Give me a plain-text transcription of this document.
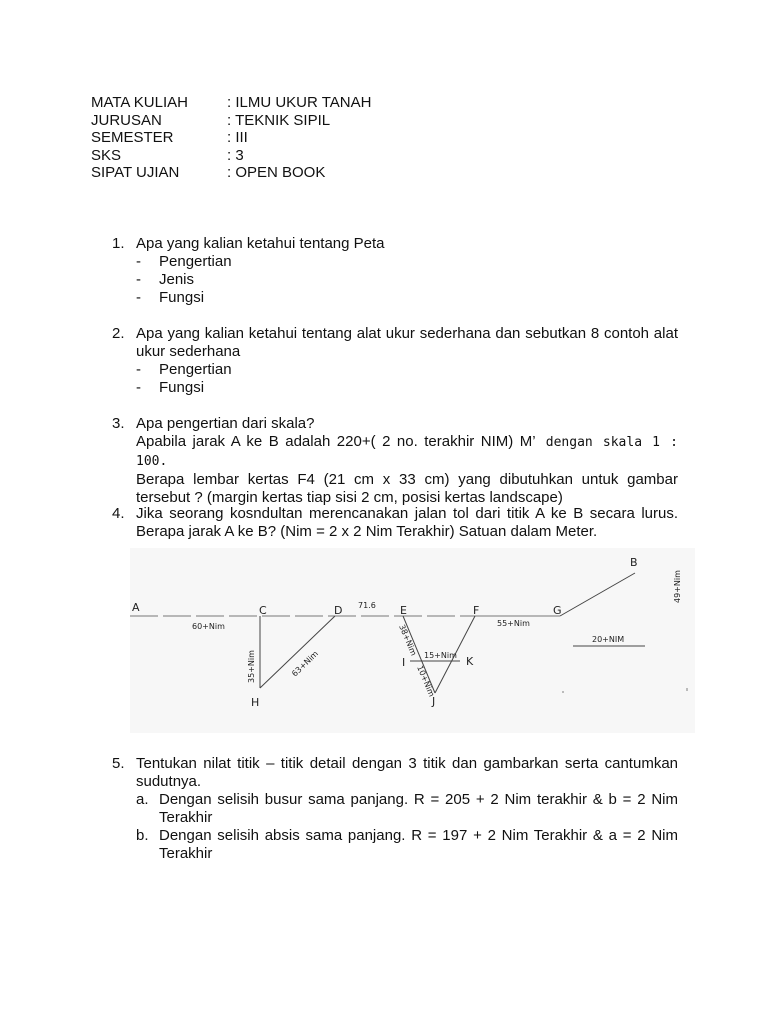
MATA KULIAH	: ILMU UKUR TANAH
JURUSAN	: TEKNIK SIPIL
SEMESTER	: III
SKS	: 3
SIPAT UJIAN	: OPEN BOOK
1. Apa yang kalian ketahui tentang Peta
- Pengertian
- Jenis
- Fungsi
2. Apa yang kalian ketahui tentang alat ukur sederhana dan sebutkan 8 contoh alat ukur sederhana
- Pengertian
- Fungsi
3. Apa pengertian dari skala?
Apabila jarak A ke B adalah 220+( 2 no. terakhir NIM) M’ dengan skala 1 : 100.
Berapa lembar kertas F4 (21 cm x 33 cm) yang dibutuhkan untuk gambar tersebut ? (margin kertas tiap sisi 2 cm, posisi kertas landscape)
4. Jika seorang kosndultan merencanakan jalan tol dari titik A ke B secara lurus. Berapa jarak A ke B? (Nim = 2 x 2 Nim Terakhir) Satuan dalam Meter.
A
B
C	D	E	F	G
H
I
J
K
60+Nim
71.6
55+Nim
20+NIM
49+Nim
35+Nim	63+Nim
38+Nim 15+Nim
10+Nim
5. Tentukan nilat titik – titik detail dengan 3 titik dan gambarkan serta cantumkan sudutnya.
a. Dengan selisih busur sama panjang. R = 205 + 2 Nim terakhir & b = 2 Nim Terakhir
b. Dengan selisih absis sama panjang. R = 197 + 2 Nim Terakhir & a = 2 Nim Terakhir
